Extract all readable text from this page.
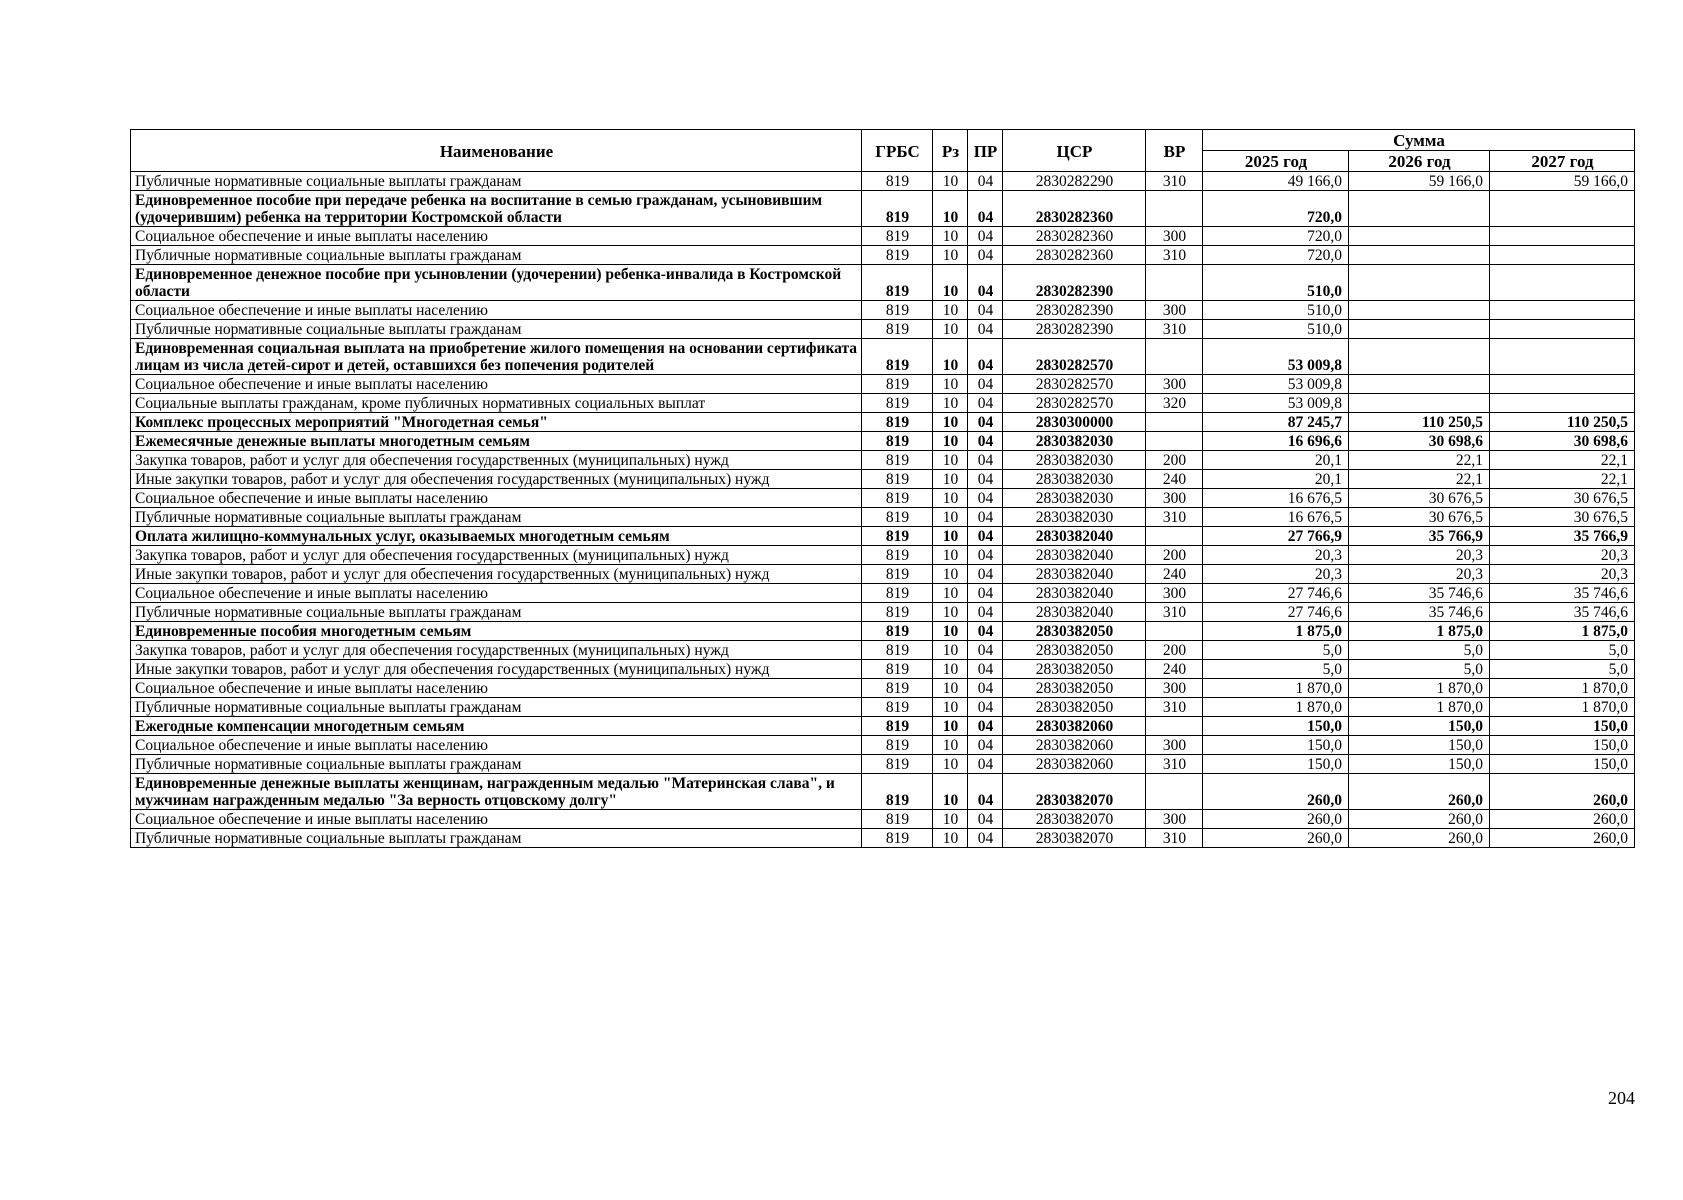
Наименование	ГРБС	Рз	ПР	ЦСР	ВР	Сумма		
						2025 год	2026 год	2027 год
Публичные нормативные социальные выплаты гражданам	819	10	04	2830282290	310	49 166,0	59 166,0	59 166,0
Единовременное пособие при передаче ребенка на воспитание в семью гражданам, усыновившим (удочерившим) ребенка на территории Костромской области	819	10	04	2830282360		720,0		
Социальное обеспечение и иные выплаты населению	819	10	04	2830282360	300	720,0		
Публичные нормативные социальные выплаты гражданам	819	10	04	2830282360	310	720,0		
Единовременное денежное пособие при усыновлении (удочерении) ребенка-инвалида в Костромской области	819	10	04	2830282390		510,0		
Социальное обеспечение и иные выплаты населению	819	10	04	2830282390	300	510,0		
Публичные нормативные социальные выплаты гражданам	819	10	04	2830282390	310	510,0		
Единовременная социальная выплата на приобретение жилого помещения на основании сертификата лицам из числа детей-сирот и детей, оставшихся без попечения родителей	819	10	04	2830282570		53 009,8		
Социальное обеспечение и иные выплаты населению	819	10	04	2830282570	300	53 009,8		
Социальные выплаты гражданам, кроме публичных нормативных социальных выплат	819	10	04	2830282570	320	53 009,8		
Комплекс процессных мероприятий "Многодетная семья"	819	10	04	2830300000		87 245,7	110 250,5	110 250,5
Ежемесячные денежные выплаты многодетным семьям	819	10	04	2830382030		16 696,6	30 698,6	30 698,6
Закупка товаров, работ и услуг для обеспечения государственных (муниципальных) нужд	819	10	04	2830382030	200	20,1	22,1	22,1
Иные закупки товаров, работ и услуг для обеспечения государственных (муниципальных) нужд	819	10	04	2830382030	240	20,1	22,1	22,1
Социальное обеспечение и иные выплаты населению	819	10	04	2830382030	300	16 676,5	30 676,5	30 676,5
Публичные нормативные социальные выплаты гражданам	819	10	04	2830382030	310	16 676,5	30 676,5	30 676,5
Оплата жилищно-коммунальных услуг, оказываемых многодетным семьям	819	10	04	2830382040		27 766,9	35 766,9	35 766,9
Закупка товаров, работ и услуг для обеспечения государственных (муниципальных) нужд	819	10	04	2830382040	200	20,3	20,3	20,3
Иные закупки товаров, работ и услуг для обеспечения государственных (муниципальных) нужд	819	10	04	2830382040	240	20,3	20,3	20,3
Социальное обеспечение и иные выплаты населению	819	10	04	2830382040	300	27 746,6	35 746,6	35 746,6
Публичные нормативные социальные выплаты гражданам	819	10	04	2830382040	310	27 746,6	35 746,6	35 746,6
Единовременные пособия многодетным семьям	819	10	04	2830382050		1 875,0	1 875,0	1 875,0
Закупка товаров, работ и услуг для обеспечения государственных (муниципальных) нужд	819	10	04	2830382050	200	5,0	5,0	5,0
Иные закупки товаров, работ и услуг для обеспечения государственных (муниципальных) нужд	819	10	04	2830382050	240	5,0	5,0	5,0
Социальное обеспечение и иные выплаты населению	819	10	04	2830382050	300	1 870,0	1 870,0	1 870,0
Публичные нормативные социальные выплаты гражданам	819	10	04	2830382050	310	1 870,0	1 870,0	1 870,0
Ежегодные компенсации многодетным семьям	819	10	04	2830382060		150,0	150,0	150,0
Социальное обеспечение и иные выплаты населению	819	10	04	2830382060	300	150,0	150,0	150,0
Публичные нормативные социальные выплаты гражданам	819	10	04	2830382060	310	150,0	150,0	150,0
Единовременные денежные выплаты женщинам, награжденным медалью "Материнская слава", и мужчинам награжденным медалью "За верность отцовскому долгу"	819	10	04	2830382070		260,0	260,0	260,0
Социальное обеспечение и иные выплаты населению	819	10	04	2830382070	300	260,0	260,0	260,0
Публичные нормативные социальные выплаты гражданам	819	10	04	2830382070	310	260,0	260,0	260,0
204
